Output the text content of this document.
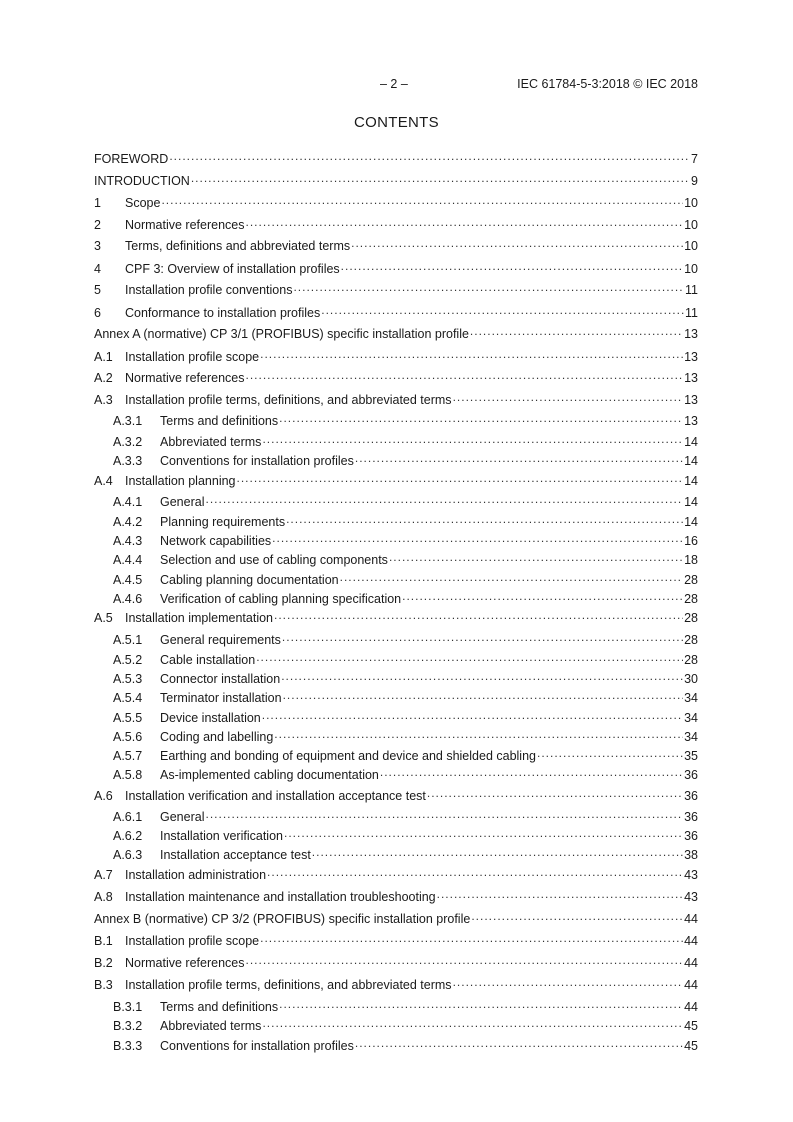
– 2 –	IEC 61784-5-3:2018 © IEC 2018
CONTENTS
FOREWORD .....	7
INTRODUCTION .....	9
1	Scope .....	10
2	Normative references .....	10
3	Terms, definitions and abbreviated terms .....	10
4	CPF 3: Overview of installation profiles .....	10
5	Installation profile conventions .....	11
6	Conformance to installation profiles .....	11
Annex A (normative) CP 3/1 (PROFIBUS) specific installation profile .....	13
A.1 Installation profile scope .....	13
A.2 Normative references .....	13
A.3 Installation profile terms, definitions, and abbreviated terms .....	13
A.3.1	Terms and definitions .....	13
A.3.2	Abbreviated terms .....	14
A.3.3	Conventions for installation profiles .....	14
A.4 Installation planning .....	14
A.4.1	General .....	14
A.4.2	Planning requirements .....	14
A.4.3	Network capabilities .....	16
A.4.4	Selection and use of cabling components .....	18
A.4.5	Cabling planning documentation .....	28
A.4.6	Verification of cabling planning specification .....	28
A.5 Installation implementation .....	28
A.5.1	General requirements .....	28
A.5.2	Cable installation .....	28
A.5.3	Connector installation .....	30
A.5.4	Terminator installation .....	34
A.5.5	Device installation .....	34
A.5.6	Coding and labelling .....	34
A.5.7	Earthing and bonding of equipment and device and shielded cabling .....	35
A.5.8	As-implemented cabling documentation .....	36
A.6 Installation verification and installation acceptance test .....	36
A.6.1	General .....	36
A.6.2	Installation verification .....	36
A.6.3	Installation acceptance test .....	38
A.7 Installation administration .....	43
A.8 Installation maintenance and installation troubleshooting .....	43
Annex B (normative) CP 3/2 (PROFIBUS) specific installation profile .....	44
B.1 Installation profile scope .....	44
B.2 Normative references .....	44
B.3 Installation profile terms, definitions, and abbreviated terms .....	44
B.3.1	Terms and definitions .....	44
B.3.2	Abbreviated terms .....	45
B.3.3	Conventions for installation profiles .....	45
